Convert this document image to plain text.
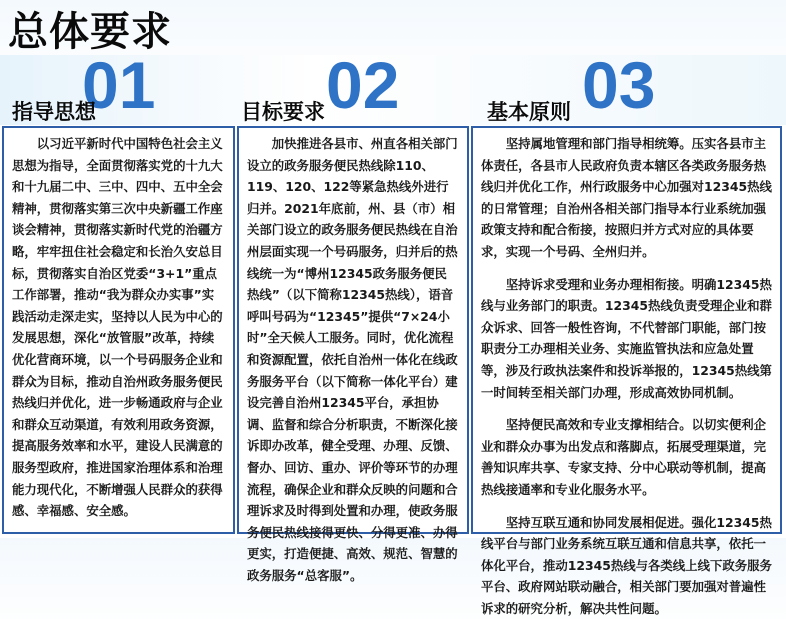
总体要求
01	02	03
指导思想	目标要求	基本原则

以习近平新时代中国特色社会主义思想为指导，全面贯彻落实党的十九大和十九届二中、三中、四中、五中全会精神，贯彻落实第三次中央新疆工作座谈会精神，贯彻落实新时代党的治疆方略，牢牢扭住社会稳定和长治久安总目标，贯彻落实自治区党委“3+1”重点工作部署，推动“我为群众办实事”实践活动走深走实，坚持以人民为中心的发展思想，深化“放管服”改革，持续优化营商环境，以一个号码服务企业和群众为目标，推动自治州政务服务便民热线归并优化，进一步畅通政府与企业和群众互动渠道，有效利用政务资源，提高服务效率和水平，建设人民满意的服务型政府，推进国家治理体系和治理能力现代化，不断增强人民群众的获得感、幸福感、安全感。

加快推进各县市、州直各相关部门设立的政务服务便民热线除110、119、120、122等紧急热线外进行归并。2021年底前，州、县（市）相关部门设立的政务服务便民热线在自治州层面实现一个号码服务，归并后的热线统一为“博州12345政务服务便民热线”（以下简称12345热线），语音呼叫号码为“12345”提供“7×24小时”全天候人工服务。同时，优化流程和资源配置，依托自治州一体化在线政务服务平台（以下简称一体化平台）建设完善自治州12345平台，承担协调、监督和综合分析职责，不断深化接诉即办改革，健全受理、办理、反馈、督办、回访、重办、评价等环节的办理流程，确保企业和群众反映的问题和合理诉求及时得到处置和办理，使政务服务便民热线接得更快、分得更准、办得更实，打造便捷、高效、规范、智慧的政务服务“总客服”。

坚持属地管理和部门指导相统筹。压实各县市主体责任，各县市人民政府负责本辖区各类政务服务热线归并优化工作，州行政服务中心加强对12345热线的日常管理；自治州各相关部门指导本行业系统加强政策支持和配合衔接，按照归并方式对应的具体要求，实现一个号码、全州归并。

坚持诉求受理和业务办理相衔接。明确12345热线与业务部门的职责。12345热线负责受理企业和群众诉求、回答一般性咨询，不代替部门职能，部门按职责分工办理相关业务、实施监管执法和应急处置等，涉及行政执法案件和投诉举报的，12345热线第一时间转至相关部门办理，形成高效协同机制。

坚持便民高效和专业支撑相结合。以切实便利企业和群众办事为出发点和落脚点，拓展受理渠道，完善知识库共享、专家支持、分中心联动等机制，提高热线接通率和专业化服务水平。

坚持互联互通和协同发展相促进。强化12345热线平台与部门业务系统互联互通和信息共享，依托一体化平台，推动12345热线与各类线上线下政务服务平台、政府网站联动融合，相关部门要加强对普遍性诉求的研究分析，解决共性问题。
